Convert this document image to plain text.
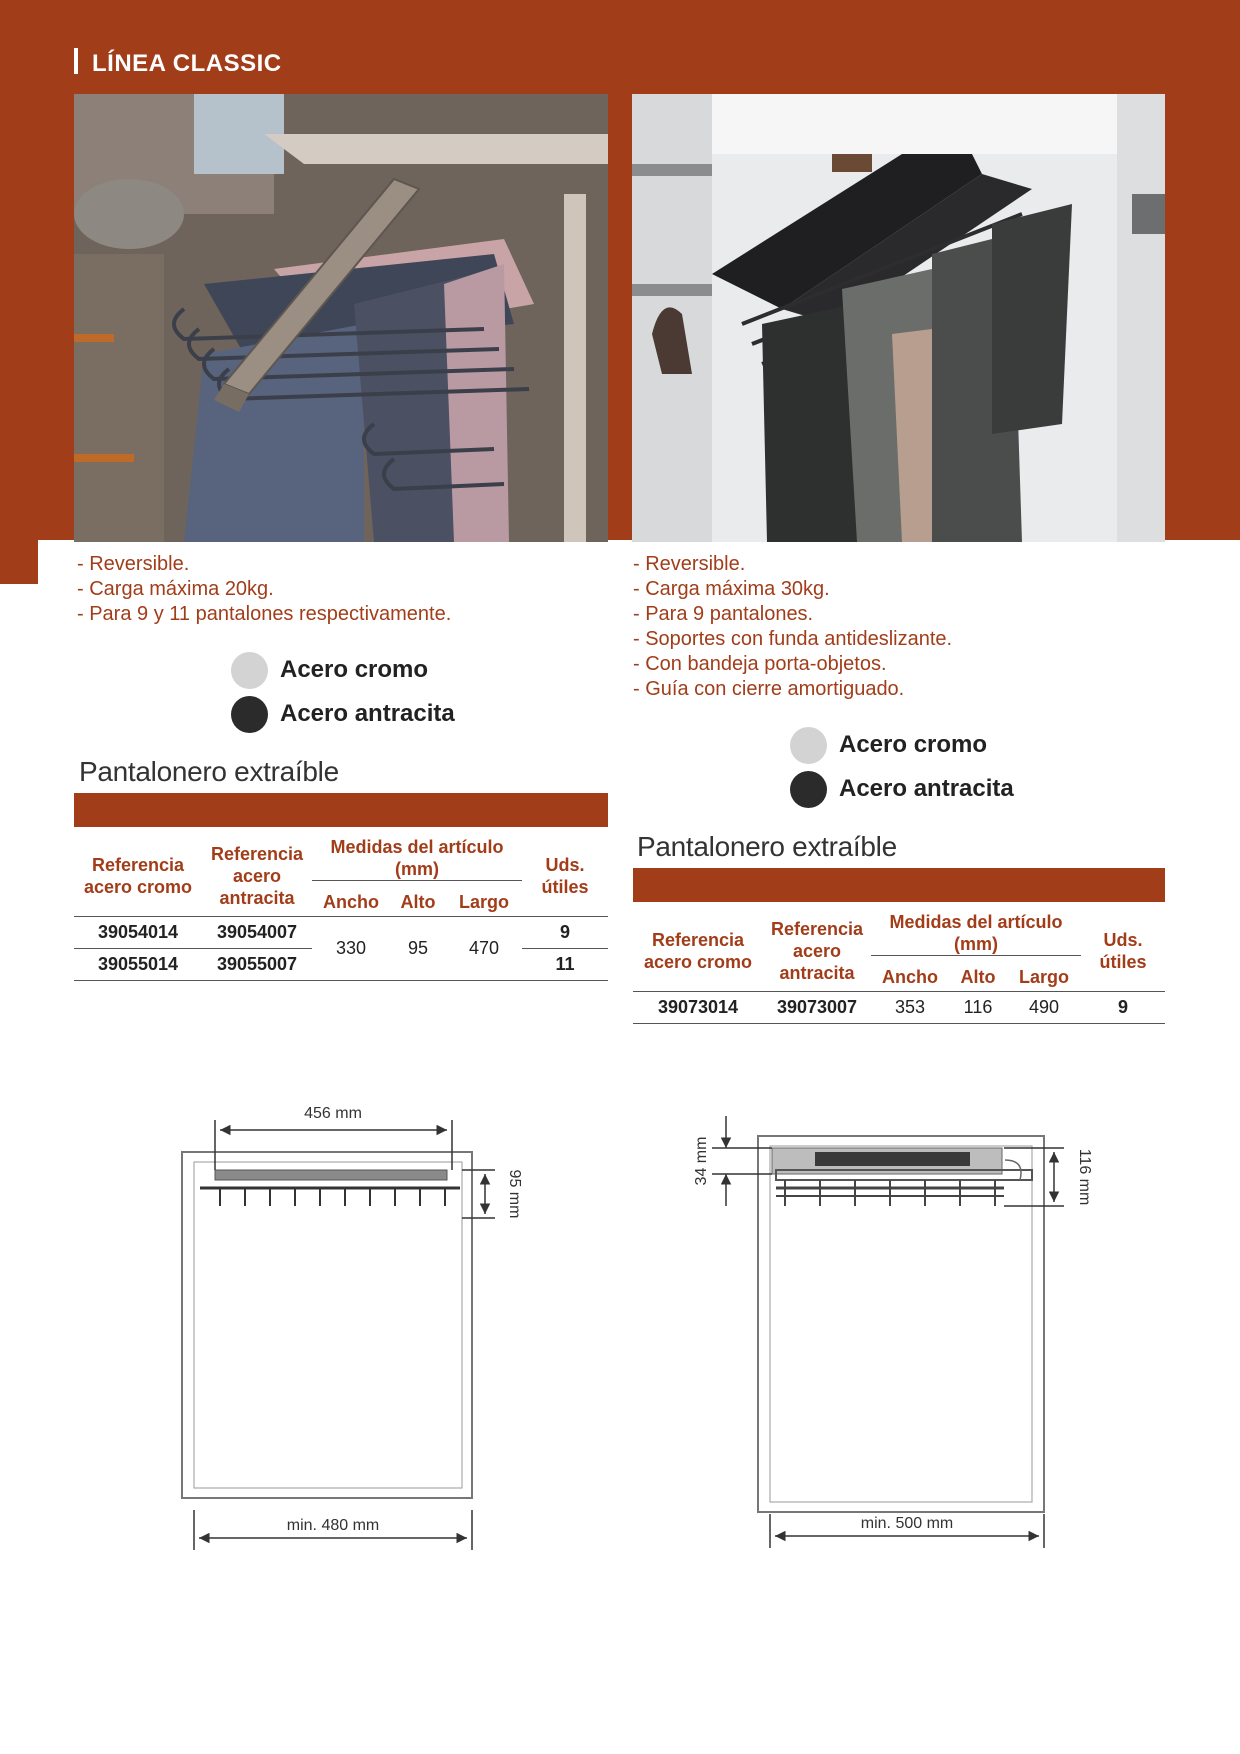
LÍNEA CLASSIC
- Reversible.
- Carga máxima 20kg.
- Para 9 y 11 pantalones respectivamente.
Acero cromo
Acero antracita
Pantalonero extraíble
Referencia acero cromo	Referencia acero antracita	Medidas del artículo (mm)			Uds. útiles
		Ancho	Alto	Largo	
39054014	39054007	330	95	470	9
39055014	39055007				11
- Reversible.
- Carga máxima 30kg.
- Para 9 pantalones.
- Soportes con funda antideslizante.
- Con bandeja porta-objetos.
- Guía con cierre amortiguado.
Acero cromo
Acero antracita
Pantalonero extraíble
Referencia acero cromo	Referencia acero antracita	Medidas del artículo (mm)			Uds. útiles
		Ancho	Alto	Largo	
39073014	39073007	353	116	490	9
456 mm
95 mm
min. 480 mm
34 mm	116 mm
min. 500 mm
